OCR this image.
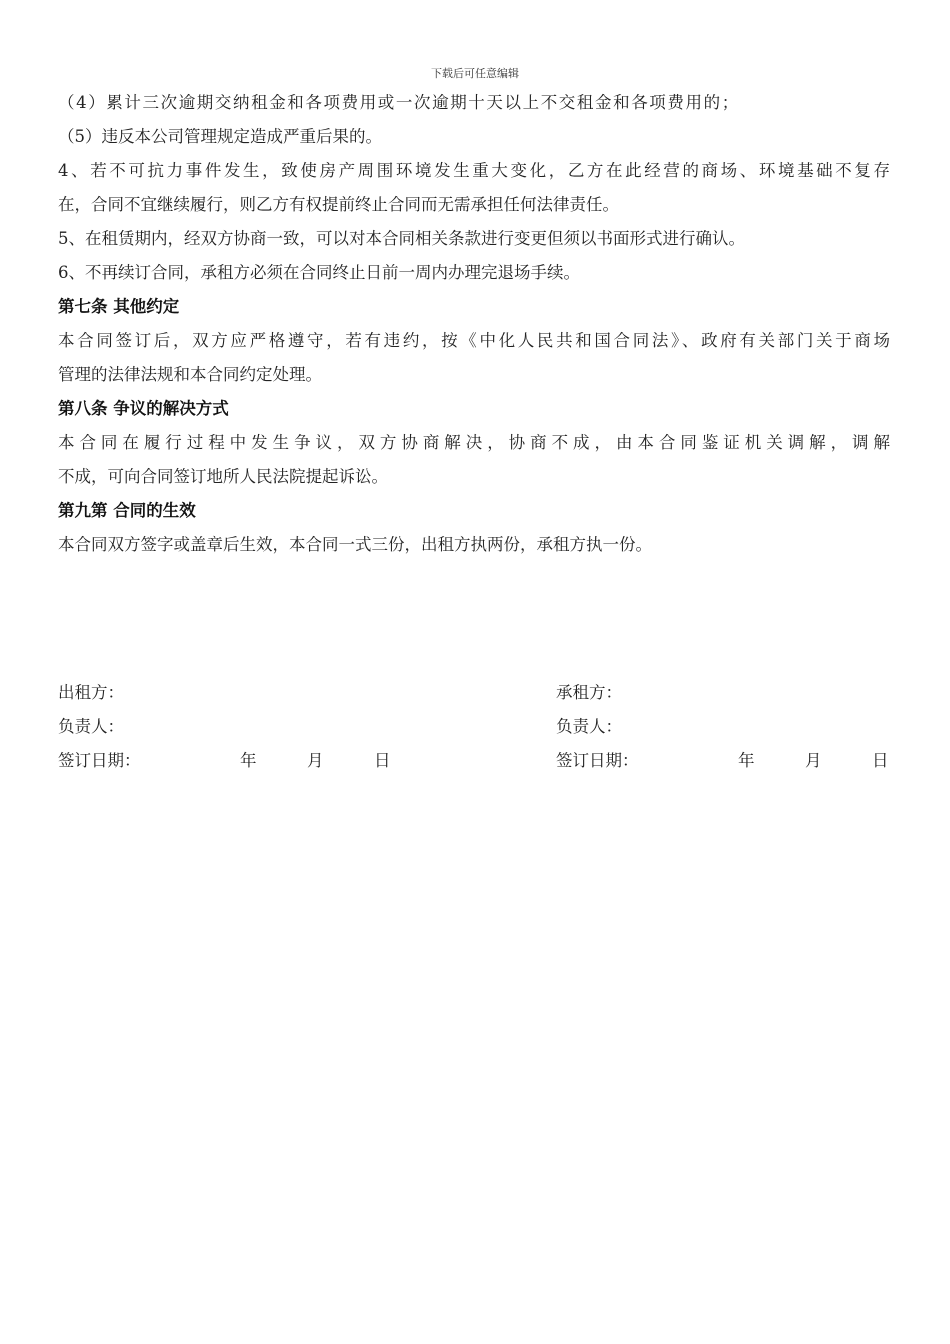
下载后可任意编辑
（4）累计三次逾期交纳租金和各项费用或一次逾期十天以上不交租金和各项费用的；
（5）违反本公司管理规定造成严重后果的。
4、若不可抗力事件发生，致使房产周围环境发生重大变化，乙方在此经营的商场、环境基础不复存
在，合同不宜继续履行，则乙方有权提前终止合同而无需承担任何法律责任。
5、在租赁期内，经双方协商一致，可以对本合同相关条款进行变更但须以书面形式进行确认。
6、不再续订合同，承租方必须在合同终止日前一周内办理完退场手续。
第七条 其他约定
本合同签订后，双方应严格遵守，若有违约，按《中化人民共和国合同法》、政府有关部门关于商场
管理的法律法规和本合同约定处理。
第八条 争议的解决方式
本合同在履行过程中发生争议，双方协商解决，协商不成，由本合同鉴证机关调解，调解
不成，可向合同签订地所人民法院提起诉讼。
第九第 合同的生效
本合同双方签字或盖章后生效，本合同一式三份，出租方执两份，承租方执一份。
出租方：	承租方：
负责人：	负责人：
签订日期：	年	月	日	签订日期：	年	月	日
